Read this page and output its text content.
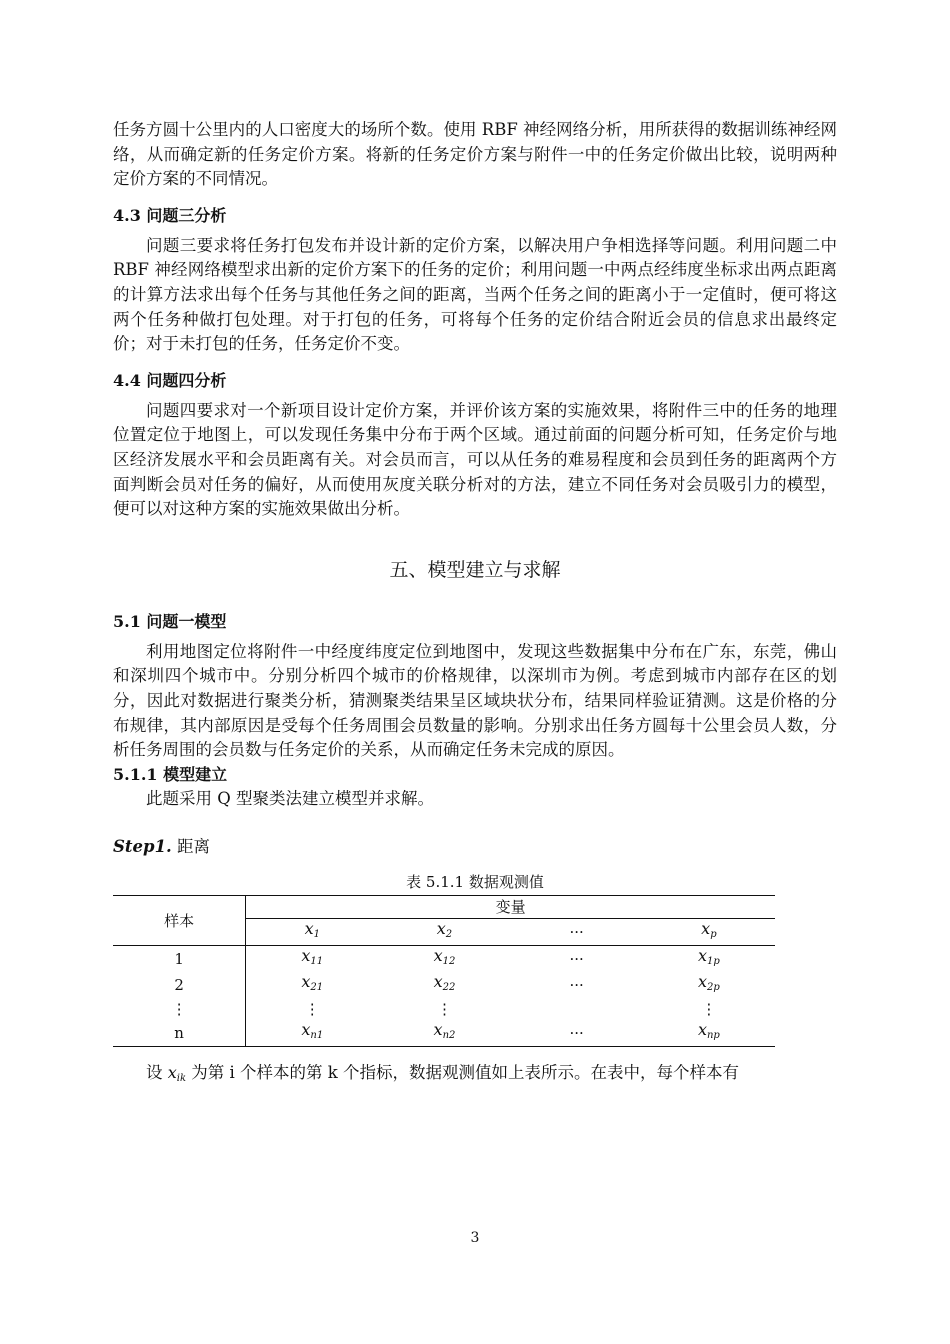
任务方圆十公里内的人口密度大的场所个数。使用 RBF 神经网络分析，用所获得的数据训练神经网络，从而确定新的任务定价方案。将新的任务定价方案与附件一中的任务定价做出比较，说明两种定价方案的不同情况。

4.3 问题三分析

问题三要求将任务打包发布并设计新的定价方案，以解决用户争相选择等问题。利用问题二中 RBF 神经网络模型求出新的定价方案下的任务的定价；利用问题一中两点经纬度坐标求出两点距离的计算方法求出每个任务与其他任务之间的距离，当两个任务之间的距离小于一定值时，便可将这两个任务种做打包处理。对于打包的任务，可将每个任务的定价结合附近会员的信息求出最终定价；对于未打包的任务，任务定价不变。

4.4 问题四分析

问题四要求对一个新项目设计定价方案，并评价该方案的实施效果，将附件三中的任务的地理位置定位于地图上，可以发现任务集中分布于两个区域。通过前面的问题分析可知，任务定价与地区经济发展水平和会员距离有关。对会员而言，可以从任务的难易程度和会员到任务的距离两个方面判断会员对任务的偏好，从而使用灰度关联分析对的方法，建立不同任务对会员吸引力的模型，便可以对这种方案的实施效果做出分析。

五、模型建立与求解
5.1 问题一模型

利用地图定位将附件一中经度纬度定位到地图中，发现这些数据集中分布在广东，东莞，佛山和深圳四个城市中。分别分析四个城市的价格规律，以深圳市为例。考虑到城市内部存在区的划分，因此对数据进行聚类分析，猜测聚类结果呈区域块状分布，结果同样验证猜测。这是价格的分布规律，其内部原因是受每个任务周围会员数量的影响。分别求出任务方圆每十公里会员人数，分析任务周围的会员数与任务定价的关系，从而确定任务未完成的原因。

5.1.1 模型建立

此题采用 Q 型聚类法建立模型并求解。

Step1. 距离
表 5.1.1 数据观测值
样本	变量			
	$x_1$	$x_2$	···	$x_p$
1	$x_{11}$	$x_{12}$	···	$x_{1p}$
2	$x_{21}$	$x_{22}$	···	$x_{2p}$
⋮	⋮	⋮		⋮
n	$x_{n1}$	$x_{n2}$	···	$x_{np}$

设 $x_{ik}$ 为第 i 个样本的第 k 个指标，数据观测值如上表所示。在表中，每个样本有

3
